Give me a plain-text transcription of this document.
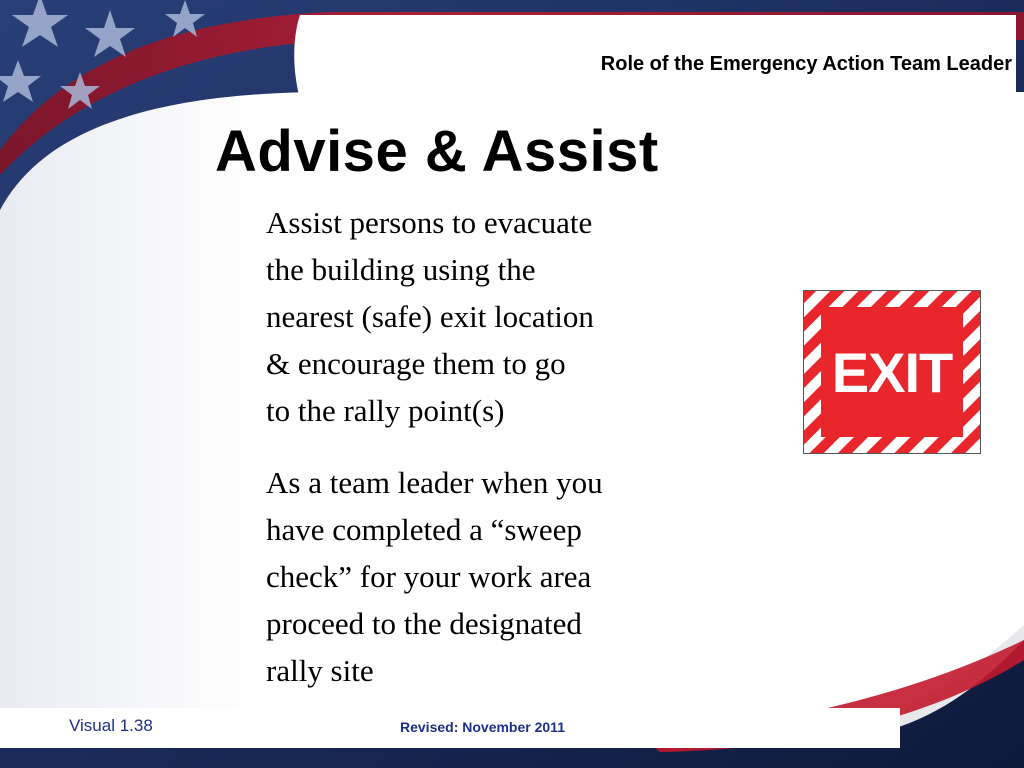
Role of the Emergency Action Team Leader
Advise & Assist

Assist persons to evacuate
the building using the
nearest (safe) exit location
& encourage them to go
to the rally point(s)

As a team leader when you
have completed a “sweep
check” for your work area
proceed to the designated
rally site

EXIT
Visual 1.38	Revised: November 2011
